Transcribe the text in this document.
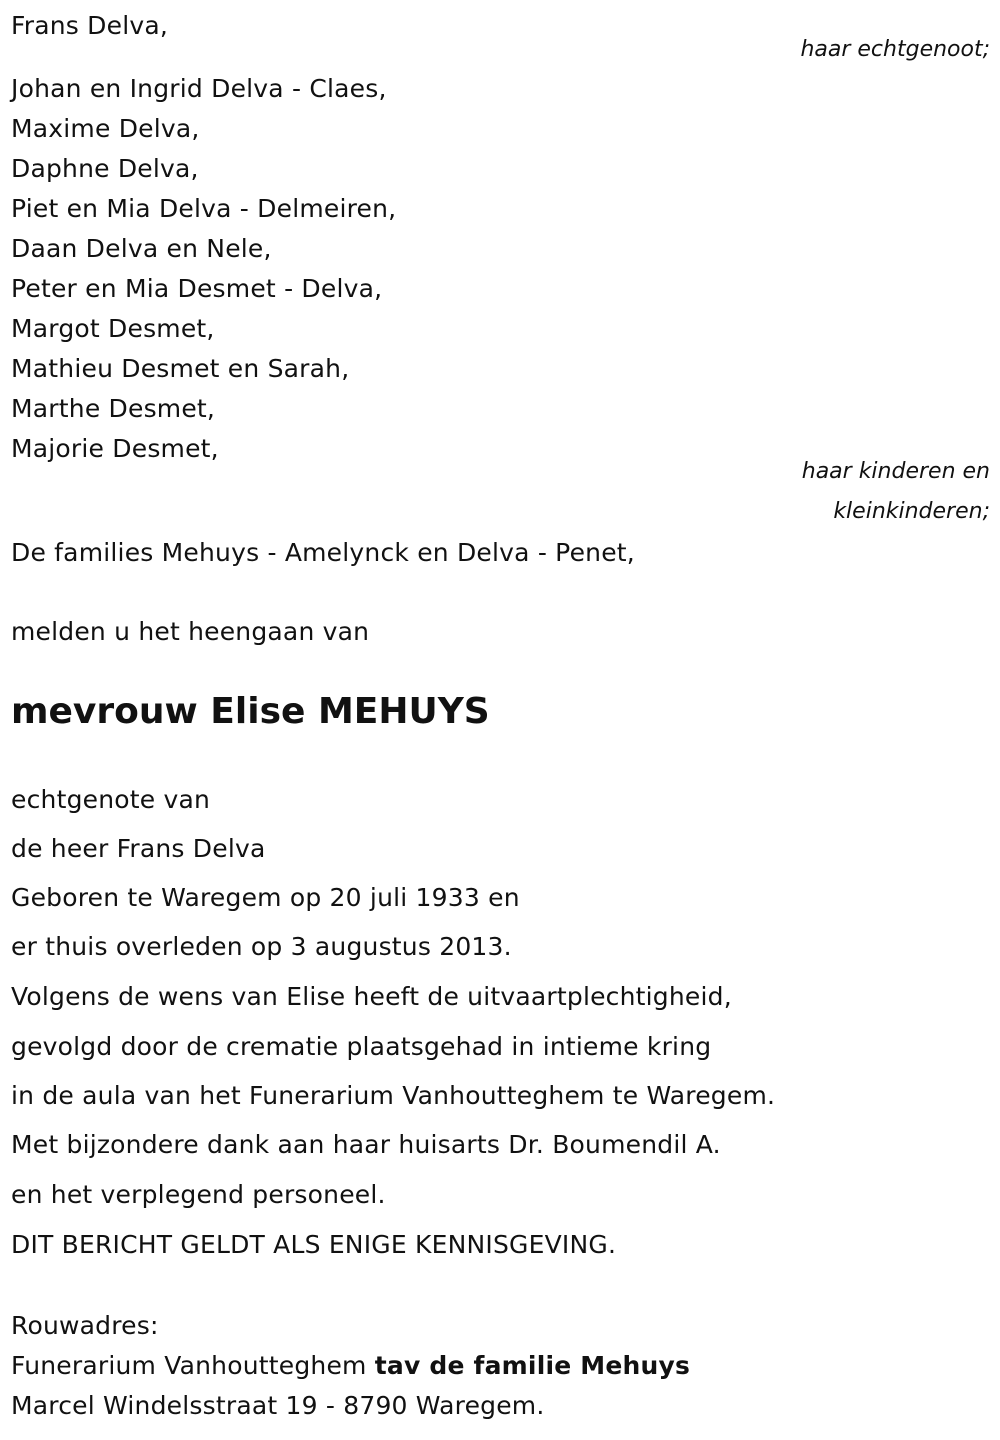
Frans Delva,
haar echtgenoot;
Johan en Ingrid Delva - Claes,
Maxime Delva,
Daphne Delva,
Piet en Mia Delva - Delmeiren,
Daan Delva en Nele,
Peter en Mia Desmet - Delva,
Margot Desmet,
Mathieu Desmet en Sarah,
Marthe Desmet,
Majorie Desmet,
haar kinderen en
kleinkinderen;
De families Mehuys - Amelynck en Delva - Penet,
melden u het heengaan van
mevrouw Elise MEHUYS
echtgenote van
de heer Frans Delva
Geboren te Waregem op 20 juli 1933 en
er thuis overleden op 3 augustus 2013.
Volgens de wens van Elise heeft de uitvaartplechtigheid,
gevolgd door de crematie plaatsgehad in intieme kring
in de aula van het Funerarium Vanhoutteghem te Waregem.
Met bijzondere dank aan haar huisarts Dr. Boumendil A.
en het verplegend personeel.
DIT BERICHT GELDT ALS ENIGE KENNISGEVING.
Rouwadres:
Funerarium Vanhoutteghem tav de familie Mehuys
Marcel Windelsstraat 19 - 8790 Waregem.
